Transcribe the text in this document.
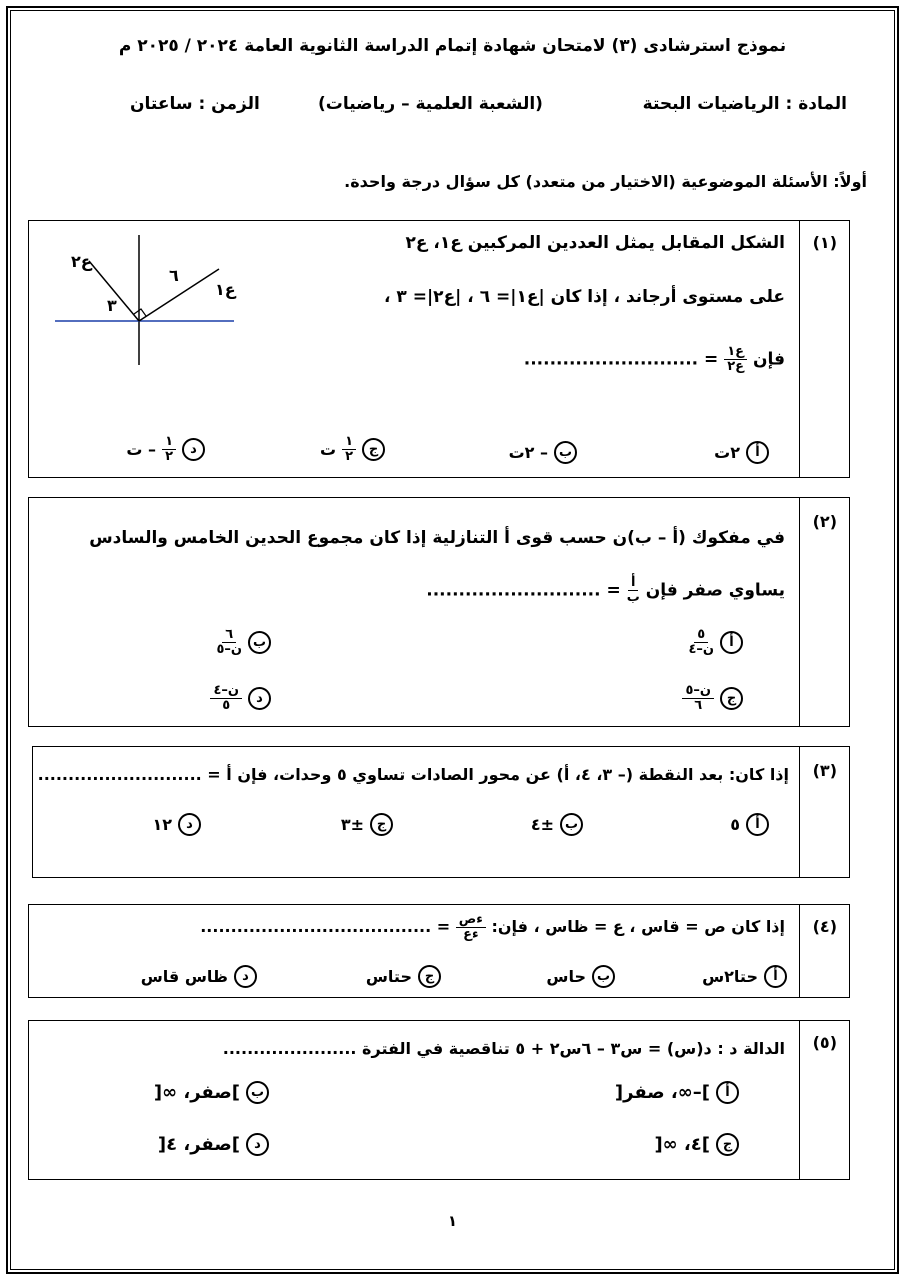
نموذج استرشادى (٣) لامتحان شهادة إتمام الدراسة الثانوية العامة ٢٠٢٤ / ٢٠٢٥ م
المادة : الرياضيات البحتة
(الشعبة العلمية – رياضيات)
الزمن : ساعتان
أولاً: الأسئلة الموضوعية (الاختيار من متعدد) كل سؤال درجة واحدة.
(١)
الشكل المقابل يمثل العددين المركبين ع١، ع٢
على مستوى أرجاند ، إذا كان |ع١|= ٦ ، |ع٢|= ٣ ،
فإن
$\frac{\text{ع١}}{\text{ع٢}}$
= ...........................
٦
٣
ع١
ع٢
أ
٢ت
ب
– ٢ت
ج
$\frac{١}{٢}$
ت
د
$\frac{١}{٢}$
– ت
(٢)
في مفكوك (أ – ب)ن حسب قوى أ التنازلية إذا كان مجموع الحدين الخامس والسادس
يساوي صفر فإن
$\frac{\text{أ}}{\text{ب}}$
= ...........................
أ
$\frac{٥}{\text{ن–٤}}$
ب
$\frac{٦}{\text{ن–٥}}$
ج
$\frac{\text{ن–٥}}{٦}$
د
$\frac{\text{ن–٤}}{٥}$
(٣)
إذا كان: بعد النقطة (– ٣، ٤، أ) عن محور الصادات تساوي ٥ وحدات، فإن أ = ...........................
أ
٥
ب
±٤
ج
±٣
د
١٢
(٤)
إذا كان ص = قاس ، ع = ظاس ، فإن:
$\frac{\text{ءص}}{\text{ءع}}$
= ......................................
أ
حتا٢س
ب
حاس
ج
حتاس
د
ظاس قاس
(٥)
الدالة د : د(س) = س٣ – ٦س٢ + ٥ تناقصية في الفترة ......................
أ
]–∞، صفر[
ب
]صفر، ∞[
ج
]٤، ∞[
د
]صفر، ٤[
١
